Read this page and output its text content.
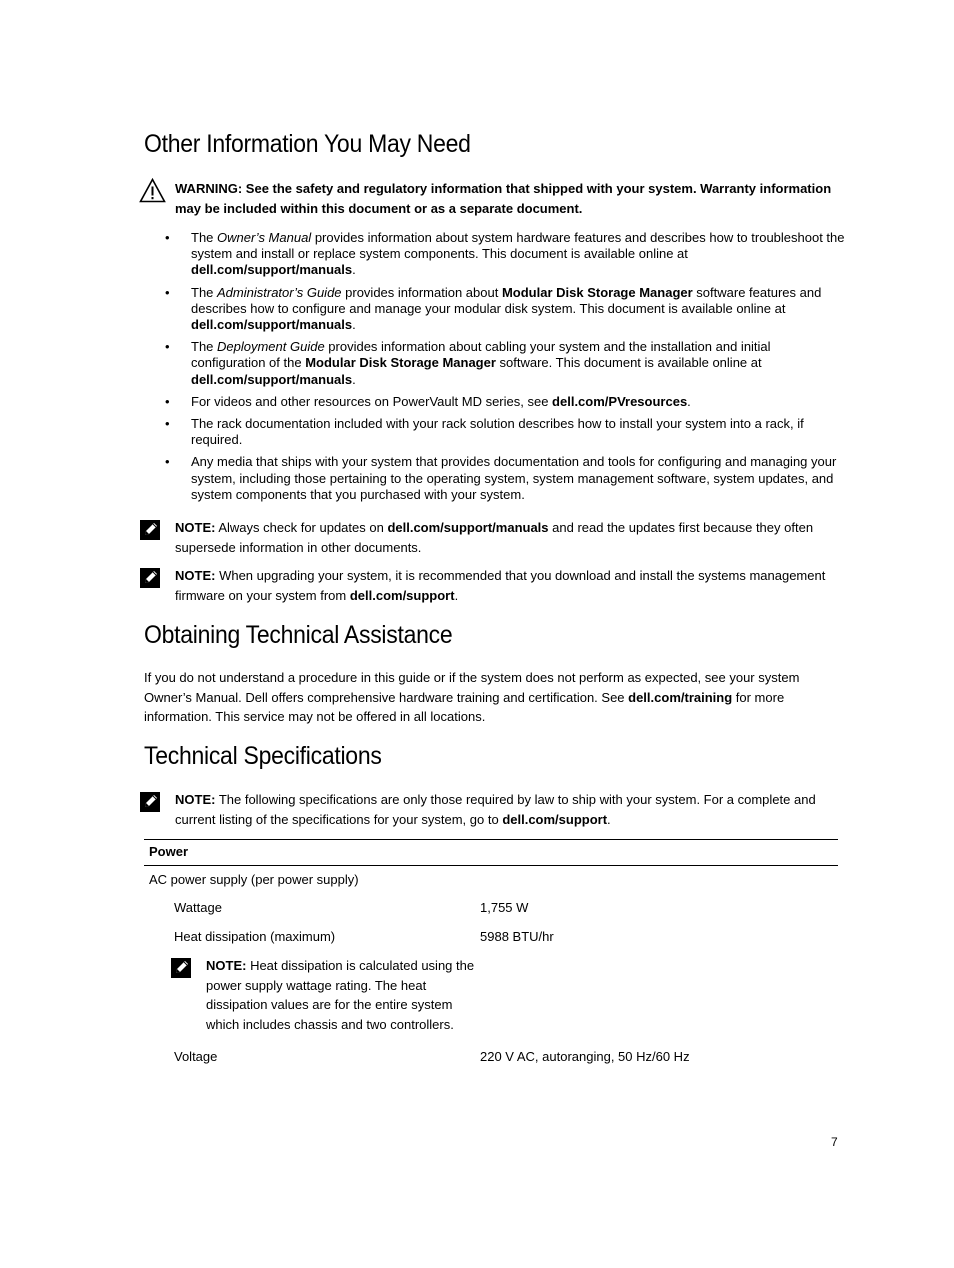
Other Information You May Need
WARNING: See the safety and regulatory information that shipped with your system. Warranty information may be included within this document or as a separate document.
• The Owner’s Manual provides information about system hardware features and describes how to troubleshoot the system and install or replace system components. This document is available online at dell.com/support/manuals.
• The Administrator’s Guide provides information about Modular Disk Storage Manager software features and describes how to configure and manage your modular disk system. This document is available online at dell.com/support/manuals.
• The Deployment Guide provides information about cabling your system and the installation and initial configuration of the Modular Disk Storage Manager software. This document is available online at dell.com/support/manuals.
• For videos and other resources on PowerVault MD series, see dell.com/PVresources.
• The rack documentation included with your rack solution describes how to install your system into a rack, if required.
• Any media that ships with your system that provides documentation and tools for configuring and managing your system, including those pertaining to the operating system, system management software, system updates, and system components that you purchased with your system.
NOTE: Always check for updates on dell.com/support/manuals and read the updates first because they often supersede information in other documents.
NOTE: When upgrading your system, it is recommended that you download and install the systems management firmware on your system from dell.com/support.
Obtaining Technical Assistance
If you do not understand a procedure in this guide or if the system does not perform as expected, see your system Owner’s Manual. Dell offers comprehensive hardware training and certification. See dell.com/training for more information. This service may not be offered in all locations.
Technical Specifications
NOTE: The following specifications are only those required by law to ship with your system. For a complete and current listing of the specifications for your system, go to dell.com/support.
Power
AC power supply (per power supply)
Wattage	1,755 W
Heat dissipation (maximum)	5988 BTU/hr
NOTE: Heat dissipation is calculated using the power supply wattage rating. The heat dissipation values are for the entire system which includes chassis and two controllers.
Voltage	220 V AC, autoranging, 50 Hz/60 Hz
7
